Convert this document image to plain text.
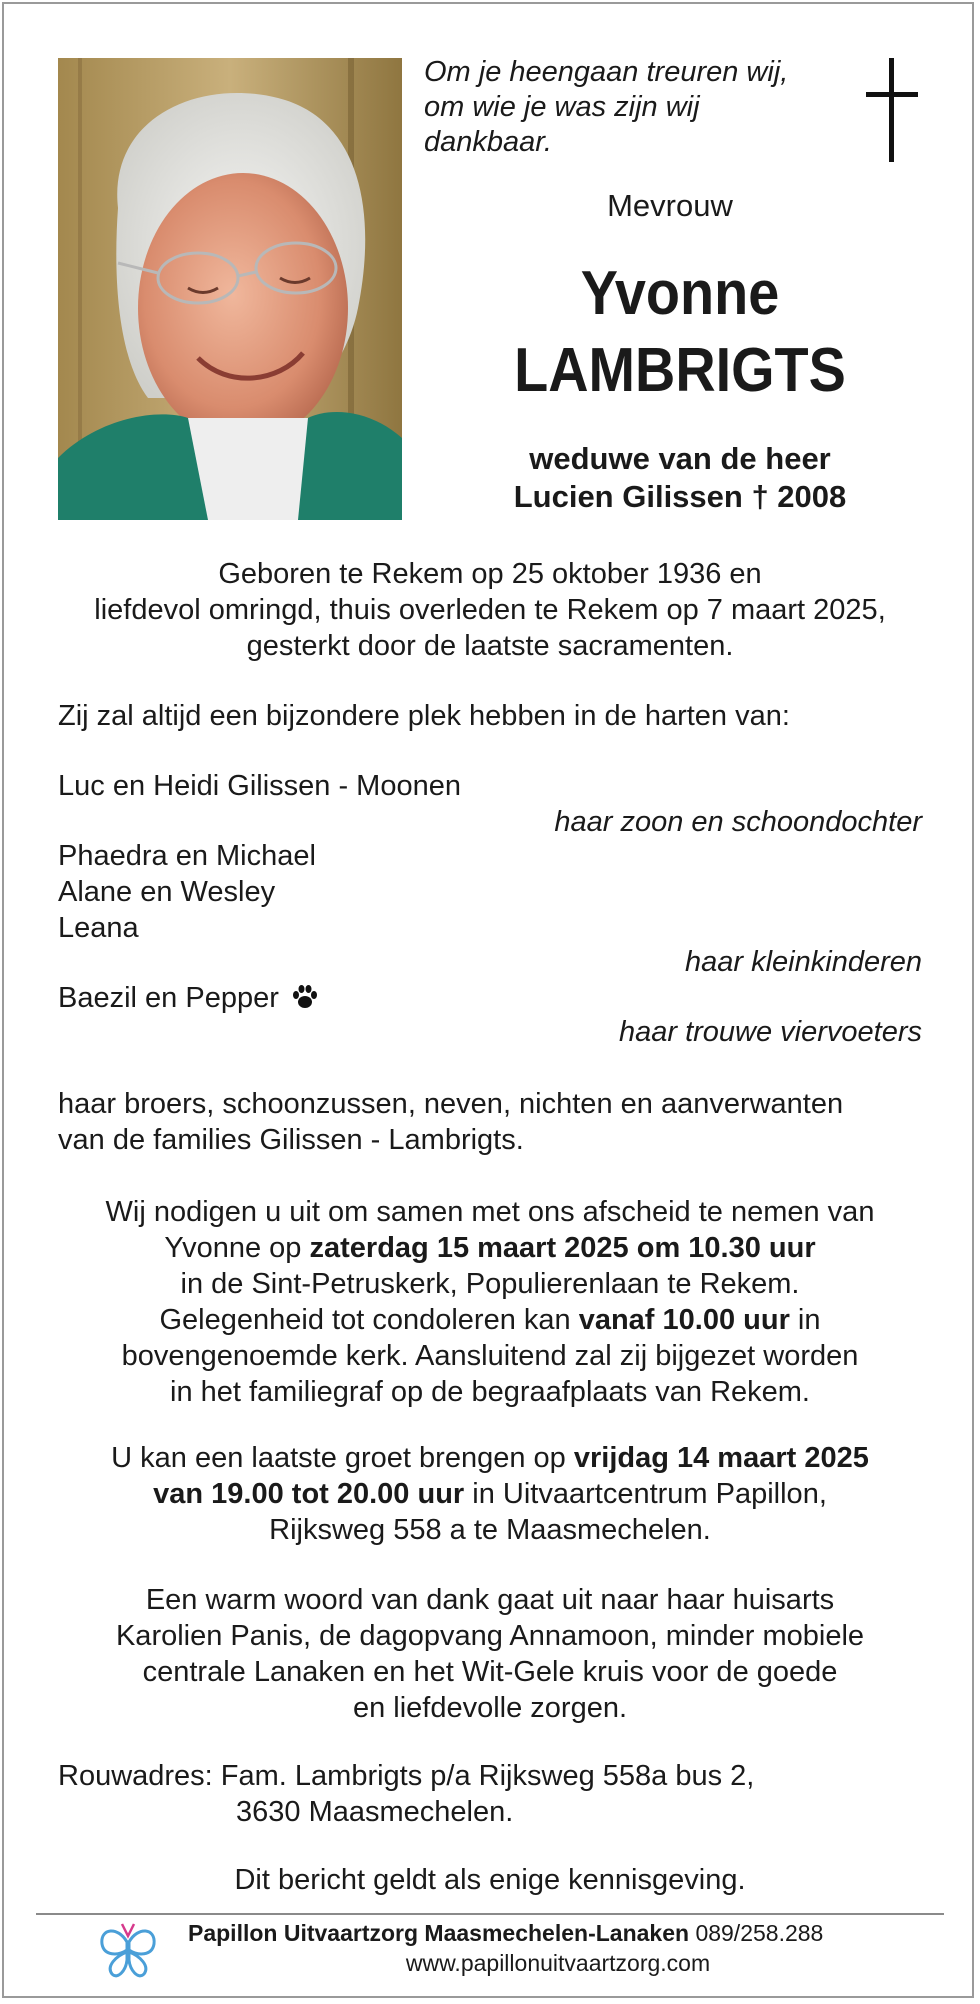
Om je heengaan treuren wij,
om wie je was zijn wij
dankbaar.
Mevrouw
Yvonne
LAMBRIGTS
weduwe van de heer
Lucien Gilissen † 2008
Geboren te Rekem op 25 oktober 1936 en
liefdevol omringd, thuis overleden te Rekem op 7 maart 2025,
gesterkt door de laatste sacramenten.
Zij zal altijd een bijzondere plek hebben in de harten van:
Luc en Heidi Gilissen - Moonen
haar zoon en schoondochter
Phaedra en Michael
Alane en Wesley
Leana
haar kleinkinderen
Baezil en Pepper
haar trouwe viervoeters
haar broers, schoonzussen, neven, nichten en aanverwanten
van de families Gilissen - Lambrigts.
Wij nodigen u uit om samen met ons afscheid te nemen van
Yvonne op zaterdag 15 maart 2025 om 10.30 uur
in de Sint-Petruskerk, Populierenlaan te Rekem.
Gelegenheid tot condoleren kan vanaf 10.00 uur in
bovengenoemde kerk. Aansluitend zal zij bijgezet worden
in het familiegraf op de begraafplaats van Rekem.
U kan een laatste groet brengen op vrijdag 14 maart 2025
van 19.00 tot 20.00 uur in Uitvaartcentrum Papillon,
Rijksweg 558 a te Maasmechelen.
Een warm woord van dank gaat uit naar haar huisarts
Karolien Panis, de dagopvang Annamoon, minder mobiele
centrale Lanaken en het Wit-Gele kruis voor de goede
en liefdevolle zorgen.
Rouwadres: Fam. Lambrigts p/a Rijksweg 558a bus 2,
3630 Maasmechelen.
Dit bericht geldt als enige kennisgeving.
Papillon Uitvaartzorg Maasmechelen-Lanaken 089/258.288
www.papillonuitvaartzorg.com
